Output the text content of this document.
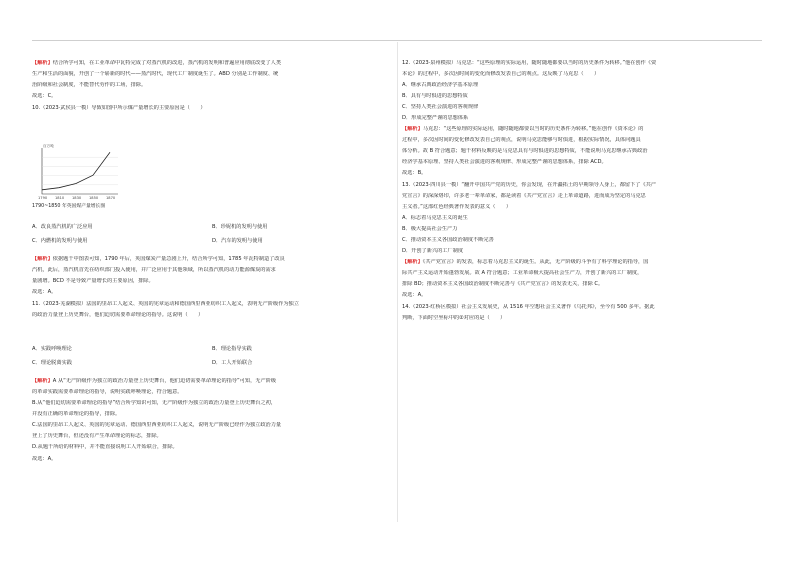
【解析】结合所学可知，在工业革命中瓦特完成了对蒸汽机的改进，蒸汽机的发明和普遍应用彻底改变了人类
生产和生活的面貌，开创了一个崭新的时代——蒸汽时代，现代工厂制度诞生了。ABD 分别是工作制度、统
治阶级和社会制度，不能替代劳作的工场，排除。
故选：C。
10.（2023·武侯县一模）导致如图中所示煤产量增长的主要原因是（　　）
百万吨
1790 1810 1830 1850 1870
1790~1850 年英国煤产量增长图
A．改良蒸汽机的广泛应用	B．珍妮机的发明与使用
C．内燃机的发明与使用	D．汽车的发明与使用
【解析】依据题干中图表可知，1790 年后，英国煤炭产量急剧上升，结合所学可知，1785 年瓦特制造了改良
汽机，此后，蒸汽机首先在纺织部门投入使用，并广泛应用于其他领域，所以蒸汽机的动力能源煤炭的需求
量剧增。BCD 不是导致产量增长的主要原因，排除。
故选：A。
11.（2023·芜湖模拟）法国的里昂工人起义、英国的宪章运动和德国西里西亚纺织工人起义，表明无产阶级作为独立
的政治力量登上历史舞台，他们迫切需要革命理论的指导。这说明（　　）
A．实践呼唤理论	B．理论指导实践
C．理论脱离实践	D．工人开始联合
【解析】A 从“无产阶级作为独立的政治力量登上历史舞台，他们迫切需要革命理论的指导”可知，无产阶级
的革命实践需要革命理论的指导，说明实践呼唤理论，符合题意。
B.从“他们迫切需要革命理论的指导”结合所学知识可知，无产阶级作为独立的政治力量登上历史舞台之初，
并没有正确的革命理论的指导，排除。
C.法国的里昂工人起义、英国的宪章运动、德国西里西亚纺织工人起义，说明无产阶级已经作为独立政治力量
登上了历史舞台，但还没有产生革命理论的标志，排除。
D.从题干所给的材料中，并不能直接说明工人开始联合，排除。
故选：A。
12.（2023·泉州模拟）马克思：“这些原理的实际运用，随时随地都要以当时的历史条件为转移。”他在创作《资
本论》的过程中，多次因时间的变化而修改发表自己的观点。这反映了马克思（　　）
A．继承古典政治经济学基本原理
B．具有与时俱进的思想特质
C．坚持人类社会演进的客观规律
D．形成完整严谨的思想体系
【解析】马克思：“这些原理的实际运用，随时随地都要以当时的历史条件为转移。”他在创作《资本论》的
过程中，多次因时间的变化修改发表自己的观点，说明马克思能够与时俱进，根据实际情况，具体问题具
体分析。故 B 符合题意；题干材料反映的是马克思具有与时俱进的思想特质，不能说明马克思继承古典政治
经济学基本原理、坚持人类社会演进的客观规律、形成完整严谨的思想体系，排除 ACD。
故选：B。
13.（2023·四川县一模）“翻开中国共产党的历史，你会发现，在开疆拓土的早期领导人身上，都留下了《共产
党宣言》的深深烙印，许多老一辈革命家，都是读着《共产党宣言》走上革命道路，进而成为坚定的马克思
主义者。”这部红色经典著作发表的意义（　　）
A．标志着马克思主义的诞生
B．极大提高社会生产力
C．推动资本主义各国政治制度不断完善
D．开创了新兴的工厂制度
【解析】《共产党宣言》的发表，标志着马克思主义的诞生。从此，无产阶级的斗争有了科学理论的指导，国
际共产主义运动开始蓬勃发展。故 A 符合题意；工业革命极大提高社会生产力，开创了新兴的工厂制度，
排除 BD；推动资本主义各国政治制度不断完善与《共产党宣言》的发表无关，排除 C。
故选：A。
14.（2023·红桥区模拟）社会主义发展史，从 1516 年空想社会主义著作《乌托邦》，至今有 500 多年。据此
判断，下面时空坐标中的②对应的是（　　）
